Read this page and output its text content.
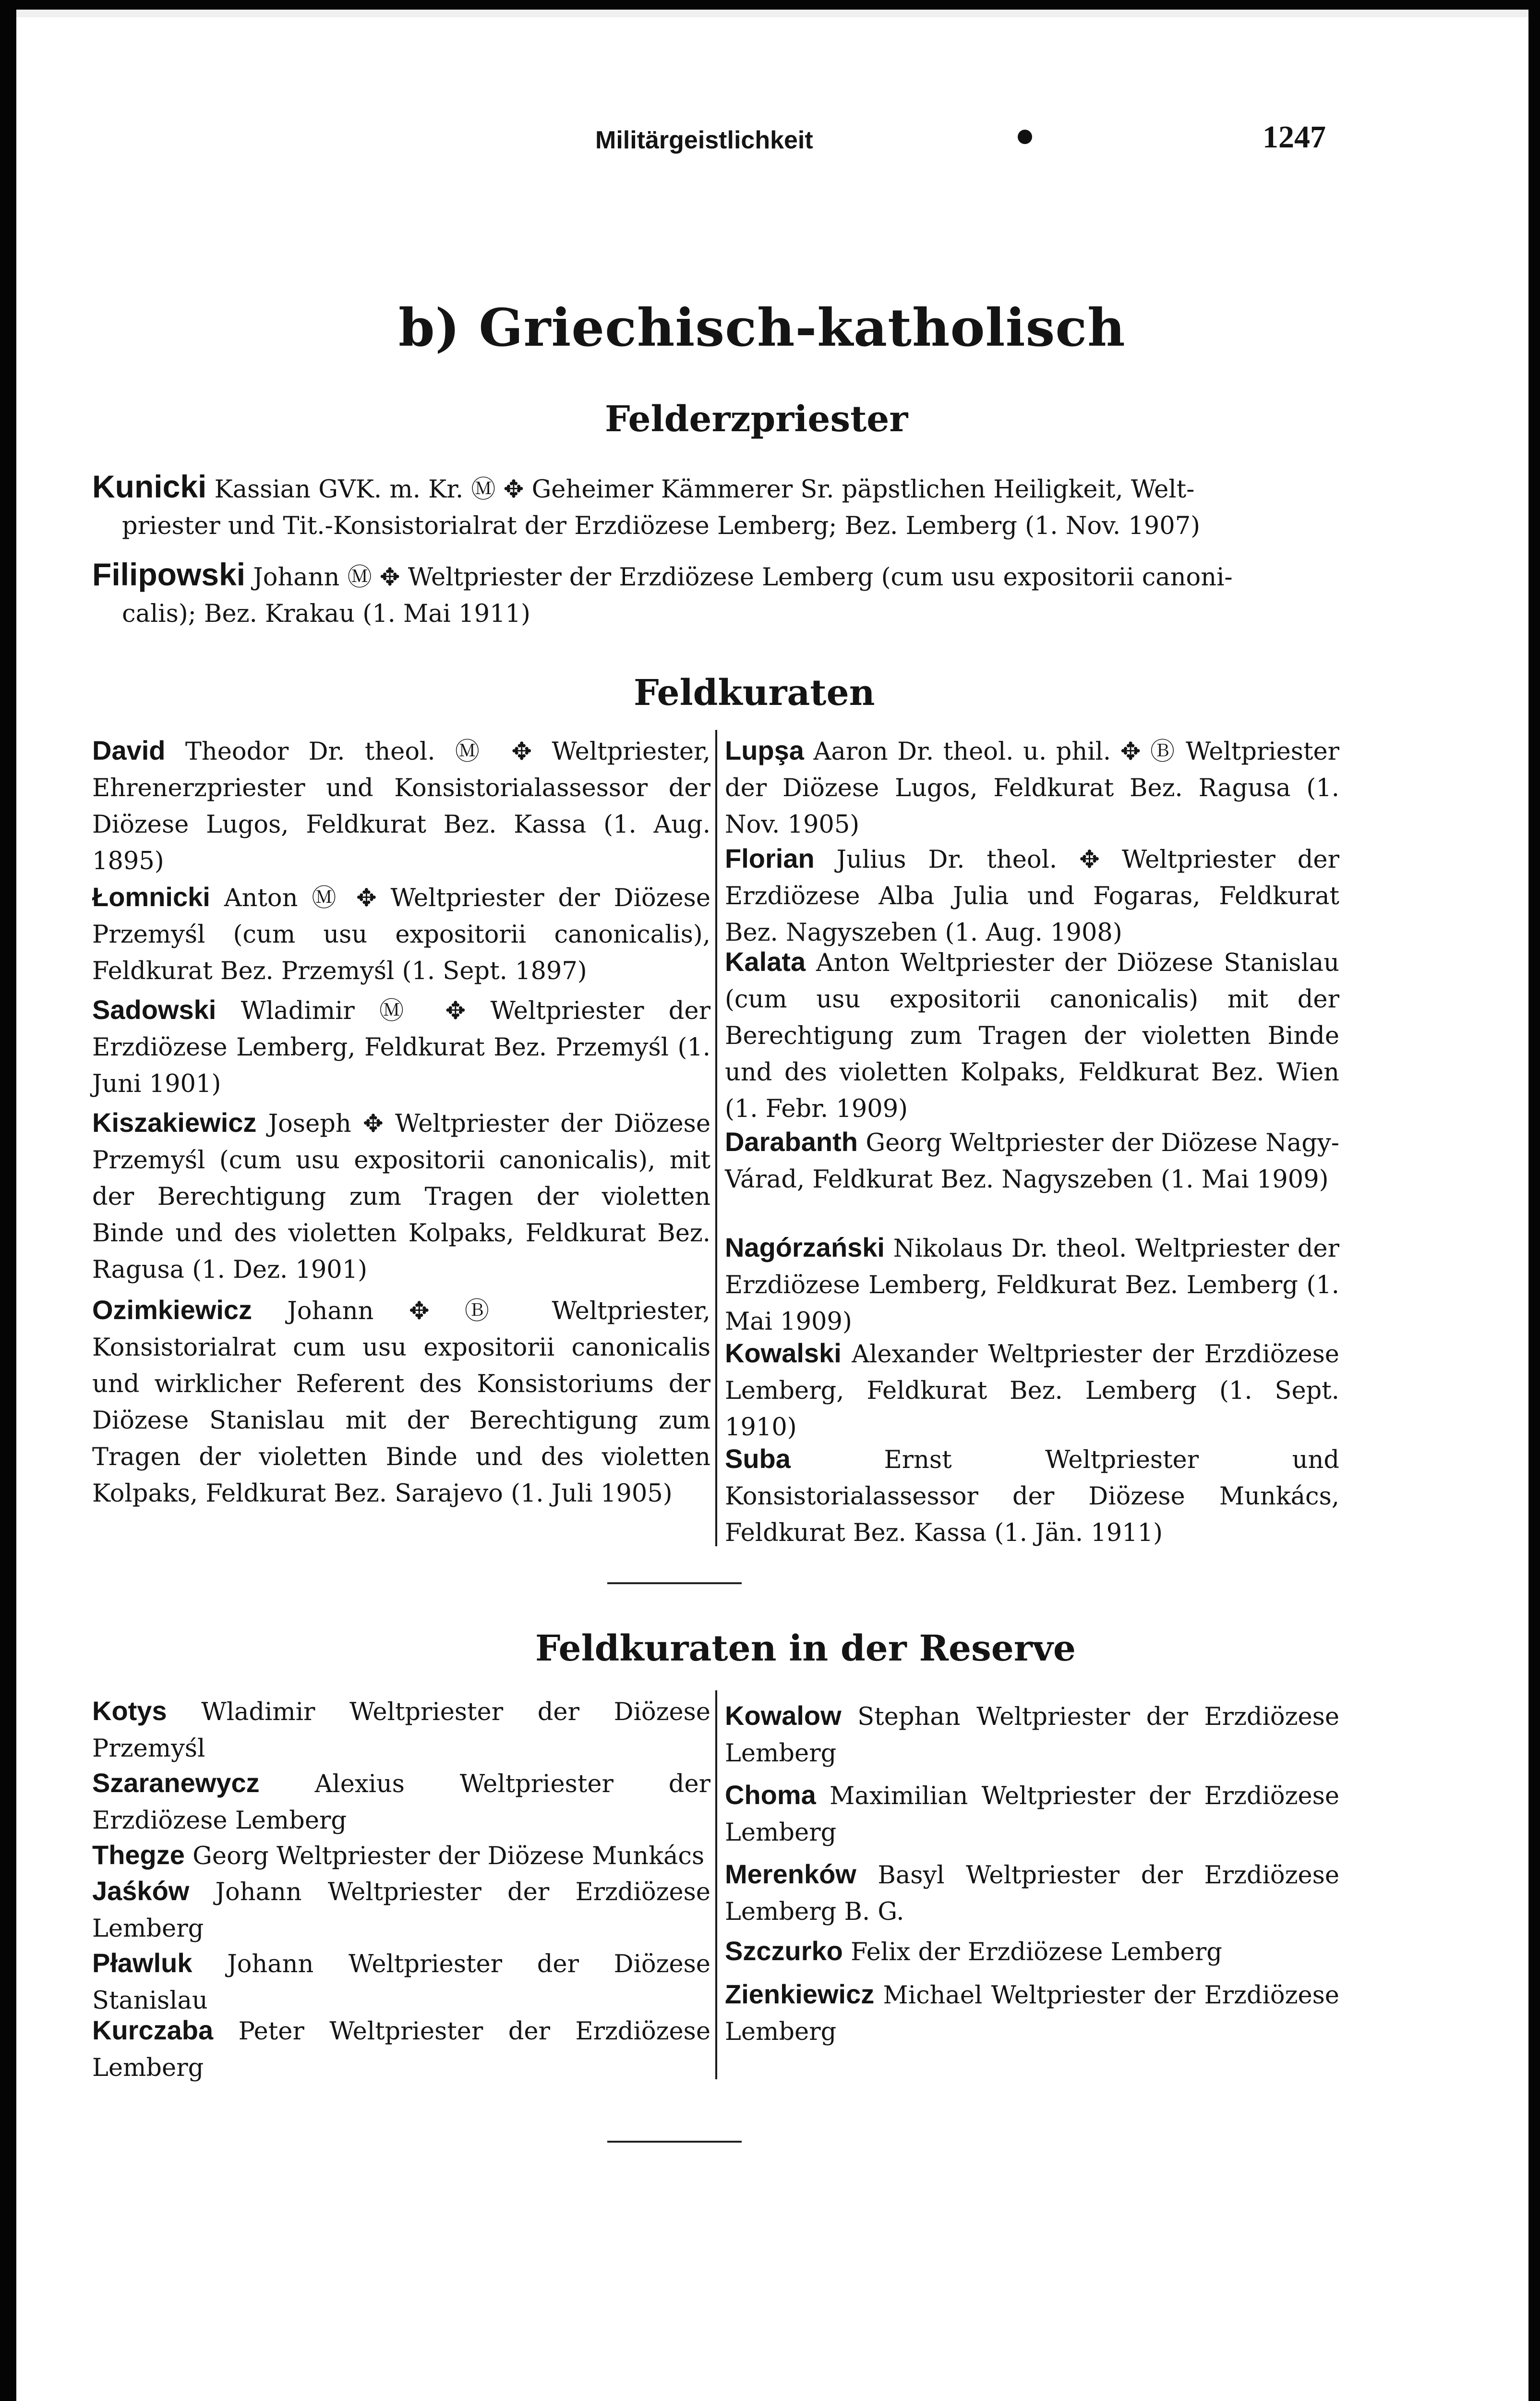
Militärgeistlichkeit	1247
b) Griechisch-katholisch
Felderzpriester
Kunicki Kassian GVK. m. Kr. Ⓜ ✥ Geheimer Kämmerer Sr. päpstlichen Heiligkeit, Welt-
priester und Tit.-Konsistorialrat der Erzdiözese Lemberg; Bez. Lemberg (1. Nov. 1907)
Filipowski Johann Ⓜ ✥ Weltpriester der Erzdiözese Lemberg (cum usu expositorii canoni-
calis); Bez. Krakau (1. Mai 1911)
Feldkuraten
David Theodor Dr. theol. Ⓜ ✥ Weltpriester, Ehrenerzpriester und Konsistorialassessor der Diözese Lugos, Feldkurat Bez. Kassa (1. Aug. 1895)
Łomnicki Anton Ⓜ ✥ Weltpriester der Diözese Przemyśl (cum usu expositorii canonicalis), Feldkurat Bez. Przemyśl (1. Sept. 1897)
Sadowski Wladimir Ⓜ ✥ Weltpriester der Erzdiözese Lemberg, Feldkurat Bez. Przemyśl (1. Juni 1901)
Kiszakiewicz Joseph ✥ Weltpriester der Diözese Przemyśl (cum usu expositorii canonicalis), mit der Berechtigung zum Tragen der violetten Binde und des violetten Kolpaks, Feldkurat Bez. Ragusa (1. Dez. 1901)
Ozimkiewicz Johann ✥ Ⓑ Weltpriester, Konsistorialrat cum usu expositorii canonicalis und wirklicher Referent des Konsistoriums der Diözese Stanislau mit der Berechtigung zum Tragen der violetten Binde und des violetten Kolpaks, Feldkurat Bez. Sarajevo (1. Juli 1905)
Lupşa Aaron Dr. theol. u. phil. ✥ Ⓑ Weltpriester der Diözese Lugos, Feldkurat Bez. Ragusa (1. Nov. 1905)
Florian Julius Dr. theol. ✥ Weltpriester der Erzdiözese Alba Julia und Fogaras, Feldkurat Bez. Nagyszeben (1. Aug. 1908)
Kalata Anton Weltpriester der Diözese Stanislau (cum usu expositorii canonicalis) mit der Berechtigung zum Tragen der violetten Binde und des violetten Kolpaks, Feldkurat Bez. Wien (1. Febr. 1909)
Darabanth Georg Weltpriester der Diözese Nagy-Várad, Feldkurat Bez. Nagyszeben (1. Mai 1909)
Nagórzański Nikolaus Dr. theol. Weltpriester der Erzdiözese Lemberg, Feldkurat Bez. Lemberg (1. Mai 1909)
Kowalski Alexander Weltpriester der Erzdiözese Lemberg, Feldkurat Bez. Lemberg (1. Sept. 1910)
Suba	Ernst Weltpriester und Konsistorialassessor der Diözese Munkács, Feldkurat Bez. Kassa (1. Jän. 1911)
Feldkuraten in der Reserve
Kotys Wladimir Weltpriester der Diözese Przemyśl
Szaranewycz Alexius Weltpriester der Erzdiözese Lemberg
Thegze Georg Weltpriester der Diözese Munkács
Jaśków Johann Weltpriester der Erzdiözese Lemberg
Pławluk Johann Weltpriester der Diözese Stanislau
Kurczaba Peter Weltpriester der Erzdiözese Lemberg
Kowalow Stephan Weltpriester der Erzdiözese Lemberg
Choma Maximilian Weltpriester der Erzdiözese Lemberg
Merenków Basyl Weltpriester der Erzdiözese Lemberg B. G.
Szczurko Felix der Erzdiözese Lemberg
Zienkiewicz Michael Weltpriester der Erzdiözese Lemberg
